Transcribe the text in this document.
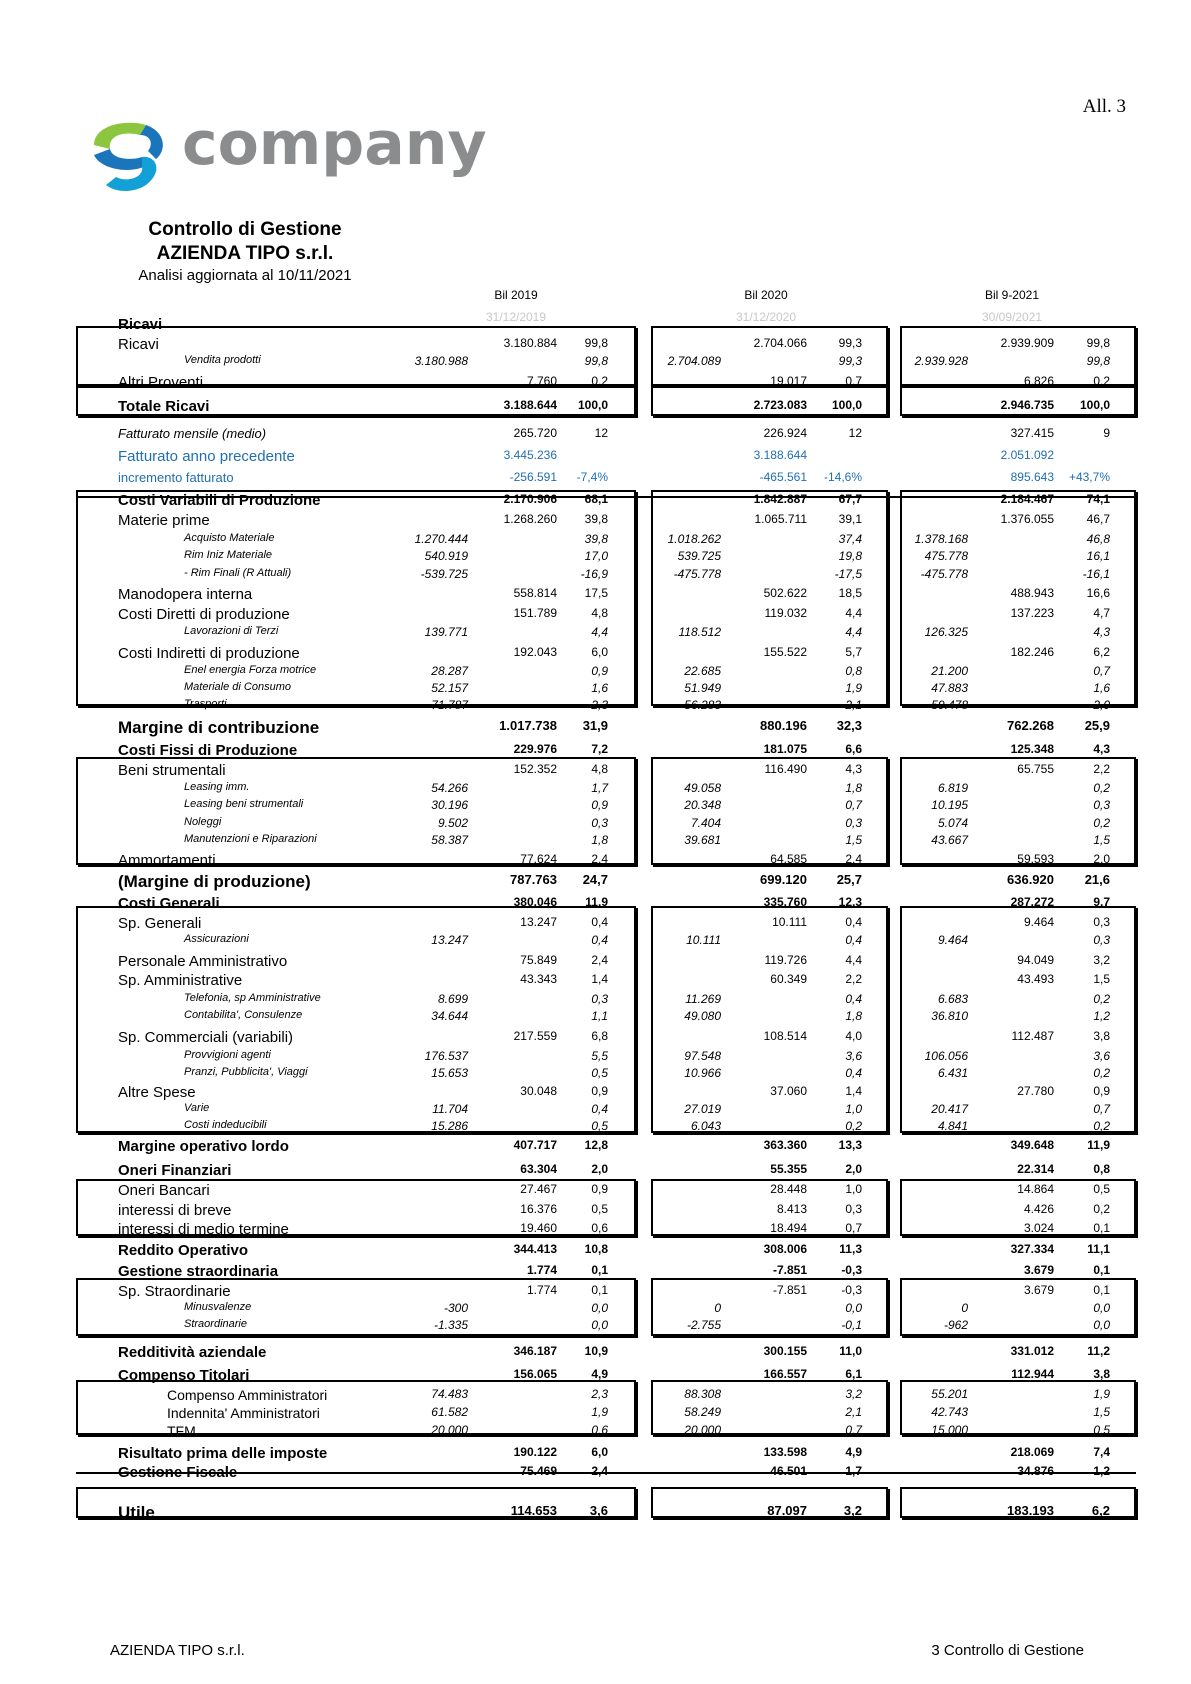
All. 3
company
Controllo di Gestione
AZIENDA TIPO s.r.l.
Analisi aggiornata al 10/11/2021
Bil 2019
31/12/2019
Bil 2020
31/12/2020
Bil 9-2021
30/09/2021
Ricavi
Ricavi	3.180.884 99,8	2.704.066	99,3	2.939.909	99,8
Vendita prodotti	3.180.988	99,8	2.704.089	99,3	2.939.928	99,8
Altri Proventi	7.760	0,2	19.017	0,7	6.826	0,2
Totale Ricavi	3.188.644 100,0	2.723.083 100,0	2.946.735 100,0
Fatturato mensile (medio)	265.720	12	226.924	12	327.415	9
Fatturato anno precedente	3.445.236	3.188.644	2.051.092
incremento fatturato	-256.591 -7,4%	-465.561 -14,6%	895.643 +43,7%
Costi Variabili di Produzione	2.170.906 68,1	1.842.887	67,7	2.184.467	74,1
Materie prime	1.268.260 39,8	1.065.711	39,1	1.376.055	46,7
Acquisto Materiale	1.270.444	39,8	1.018.262	37,4	1.378.168	46,8
Rim Iniz Materiale	540.919	17,0	539.725	19,8	475.778	16,1
- Rim Finali (R Attuali)	-539.725	-16,9	-475.778	-17,5	-475.778	-16,1
Manodopera interna	558.814 17,5	502.622	18,5	488.943	16,6
Costi Diretti di produzione	151.789	4,8	119.032	4,4	137.223	4,7
Lavorazioni di Terzi	139.771	4,4	118.512	4,4	126.325	4,3
Costi Indiretti di produzione	192.043	6,0	155.522	5,7	182.246	6,2
Enel energia Forza motrice	28.287	0,9	22.685	0,8	21.200	0,7
Materiale di Consumo	52.157	1,6	51.949	1,9	47.883	1,6
Trasporti	71.787	2,3	56.283	2,1	59.478	2,0
Margine di contribuzione	1.017.738 31,9	880.196 32,3	762.268 25,9
Costi Fissi di Produzione	229.976	7,2	181.075	6,6	125.348	4,3
Beni strumentali	152.352	4,8	116.490	4,3	65.755	2,2
Leasing imm.	54.266	1,7	49.058	1,8	6.819	0,2
Leasing beni strumentali	30.196	0,9	20.348	0,7	10.195	0,3
Noleggi	9.502	0,3	7.404	0,3	5.074	0,2
Manutenzioni e Riparazioni	58.387	1,8	39.681	1,5	43.667	1,5
Ammortamenti	77.624	2,4	64.585	2,4	59.593	2,0
(Margine di produzione)	787.763 24,7	699.120 25,7	636.920 21,6
Costi Generali	380.046 11,9	335.760	12,3	287.272	9,7
Sp. Generali	13.247	0,4	10.111	0,4	9.464	0,3
Assicurazioni	13.247	0,4	10.111	0,4	9.464	0,3
Personale Amministrativo	75.849	2,4	119.726	4,4	94.049	3,2
Sp. Amministrative	43.343	1,4	60.349	2,2	43.493	1,5
Telefonia, sp Amministrative	8.699	0,3	11.269	0,4	6.683	0,2
Contabilita', Consulenze	34.644	1,1	49.080	1,8	36.810	1,2
Sp. Commerciali (variabili)	217.559	6,8	108.514	4,0	112.487	3,8
Provvigioni agenti	176.537	5,5	97.548	3,6	106.056	3,6
Pranzi, Pubblicita', Viaggi	15.653	0,5	10.966	0,4	6.431	0,2
Altre Spese	30.048	0,9	37.060	1,4	27.780	0,9
Varie	11.704	0,4	27.019	1,0	20.417	0,7
Costi indeducibili	15.286	0,5	6.043	0,2	4.841	0,2
Margine operativo lordo	407.717 12,8	363.360	13,3	349.648	11,9
Oneri Finanziari	63.304	2,0	55.355	2,0	22.314	0,8
Oneri Bancari	27.467	0,9	28.448	1,0	14.864	0,5
interessi di breve	16.376	0,5	8.413	0,3	4.426	0,2
interessi di medio termine	19.460	0,6	18.494	0,7	3.024	0,1
Reddito Operativo	344.413 10,8	308.006	11,3	327.334	11,1
Gestione straordinaria	1.774	0,1	-7.851	-0,3	3.679	0,1
Sp. Straordinarie	1.774	0,1	-7.851	-0,3	3.679	0,1
Minusvalenze	-300	0,0	0	0,0	0	0,0
Straordinarie	-1.335	0,0	-2.755	-0,1	-962	0,0
Redditività aziendale	346.187 10,9	300.155	11,0	331.012	11,2
Compenso Titolari	156.065	4,9	166.557	6,1	112.944	3,8
Compenso Amministratori	74.483	2,3	88.308	3,2	55.201	1,9
Indennita' Amministratori	61.582	1,9	58.249	2,1	42.743	1,5
TFM	20.000	0,6	20.000	0,7	15.000	0,5
Risultato prima delle imposte	190.122	6,0	133.598	4,9	218.069	7,4
Gestione Fiscale	75.469	2,4	46.501	1,7	34.876	1,2
Utile	114.653	3,6	87.097	3,2	183.193	6,2
AZIENDA TIPO s.r.l.	3 Controllo di Gestione
